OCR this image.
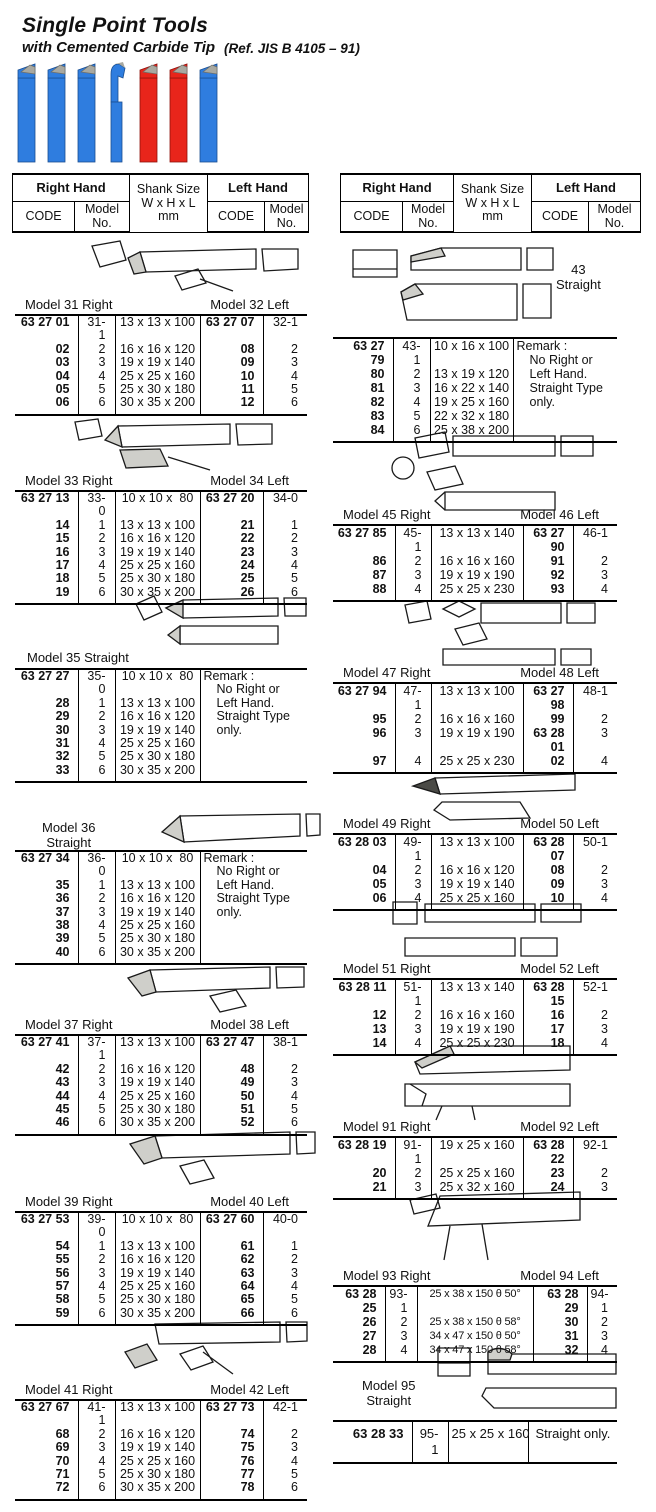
Single Point Tools
with Cemented Carbide Tip (Ref. JIS B 4105 – 91)
Right Hand		Shank Size
W x H x L
mm	Left Hand	
CODE	Model
No.		CODE	Model
No.
Right Hand		Shank Size
W x H x L
mm	Left Hand	
CODE	Model
No.		CODE	Model
No.
Model 31 Right	Model 32 Left
63 27 01	31-1	13 x 13 x 100	63 27 07	32-1
02	2	16 x 16 x 120	08	2
03	3	19 x 19 x 140	09	3
04	4	25 x 25 x 160	10	4
05	5	25 x 30 x 180	11	5
06	6	30 x 35 x 200	12	6
Model 33 Right	Model 34 Left
63 27 13	33-0	10 x 10 x  80	63 27 20	34-0
14	1	13 x 13 x 100	21	1
15	2	16 x 16 x 120	22	2
16	3	19 x 19 x 140	23	3
17	4	25 x 25 x 160	24	4
18	5	25 x 30 x 180	25	5
19	6	30 x 35 x 200	26	6
Model 35 Straight
63 27 27	35-0	10 x 10 x  80	Remark :
No Right or
Left Hand.
Straight Type
only.

28	1	13 x 13 x 100	
29	2	16 x 16 x 120	
30	3	19 x 19 x 140	
31	4	25 x 25 x 160	
32	5	25 x 30 x 180	
33	6	30 x 35 x 200	
Model 36
Straight
63 27 34	36-0	10 x 10 x  80	Remark :
No Right or
Left Hand.
Straight Type
only.

35	1	13 x 13 x 100	
36	2	16 x 16 x 120	
37	3	19 x 19 x 140	
38	4	25 x 25 x 160	
39	5	25 x 30 x 180	
40	6	30 x 35 x 200	
Model 37 Right	Model 38 Left
63 27 41	37-1	13 x 13 x 100	63 27 47	38-1
42	2	16 x 16 x 120	48	2
43	3	19 x 19 x 140	49	3
44	4	25 x 25 x 160	50	4
45	5	25 x 30 x 180	51	5
46	6	30 x 35 x 200	52	6
Model 39 Right	Model 40 Left
63 27 53	39-0	10 x 10 x  80	63 27 60	40-0
54	1	13 x 13 x 100	61	1
55	2	16 x 16 x 120	62	2
56	3	19 x 19 x 140	63	3
57	4	25 x 25 x 160	64	4
58	5	25 x 30 x 180	65	5
59	6	30 x 35 x 200	66	6
Model 41 Right	Model 42 Left
63 27 67	41-1	13 x 13 x 100	63 27 73	42-1
68	2	16 x 16 x 120	74	2
69	3	19 x 19 x 140	75	3
70	4	25 x 25 x 160	76	4
71	5	25 x 30 x 180	77	5
72	6	30 x 35 x 200	78	6
43
Straight
63 27 79	43-1	10 x 16 x 100	Remark :
No Right or
Left Hand.
Straight Type
only.

80	2	13 x 19 x 120	
81	3	16 x 22 x 140	
82	4	19 x 25 x 160	
83	5	22 x 32 x 180	
84	6	25 x 38 x 200	
Model 45 Right	Model 46 Left
63 27 85	45-1	13 x 13 x 140	63 27 90	46-1
86	2	16 x 16 x 160	91	2
87	3	19 x 19 x 190	92	3
88	4	25 x 25 x 230	93	4
Model 47 Right	Model 48 Left
63 27 94	47-1	13 x 13 x 100	63 27 98	48-1
95	2	16 x 16 x 160	99	2
96	3	19 x 19 x 190	63 28 01	3
97	4	25 x 25 x 230	02	4
Model 49 Right	Model 50 Left
63 28 03	49-1	13 x 13 x 100	63 28 07	50-1
04	2	16 x 16 x 120	08	2
05	3	19 x 19 x 140	09	3
06	4	25 x 25 x 160	10	4
Model 51 Right	Model 52 Left
63 28 11	51-1	13 x 13 x 140	63 28 15	52-1
12	2	16 x 16 x 160	16	2
13	3	19 x 19 x 190	17	3
14	4	25 x 25 x 230	18	4
Model 91 Right	Model 92 Left
63 28 19	91-1	19 x 25 x 160	63 28 22	92-1
20	2	25 x 25 x 160	23	2
21	3	25 x 32 x 160	24	3
Model 93 Right	Model 94 Left
63 28 25	93-1	25 x 38 x 150 θ 50°	63 28 29	94-1
26	2	25 x 38 x 150 θ 58°	30	2
27	3	34 x 47 x 150 θ 50°	31	3
28	4	34 x 47 x 150 θ 58°	32	4
Model 95
Straight
63 28 33	95-1	25 x 25 x 160	Straight only.
